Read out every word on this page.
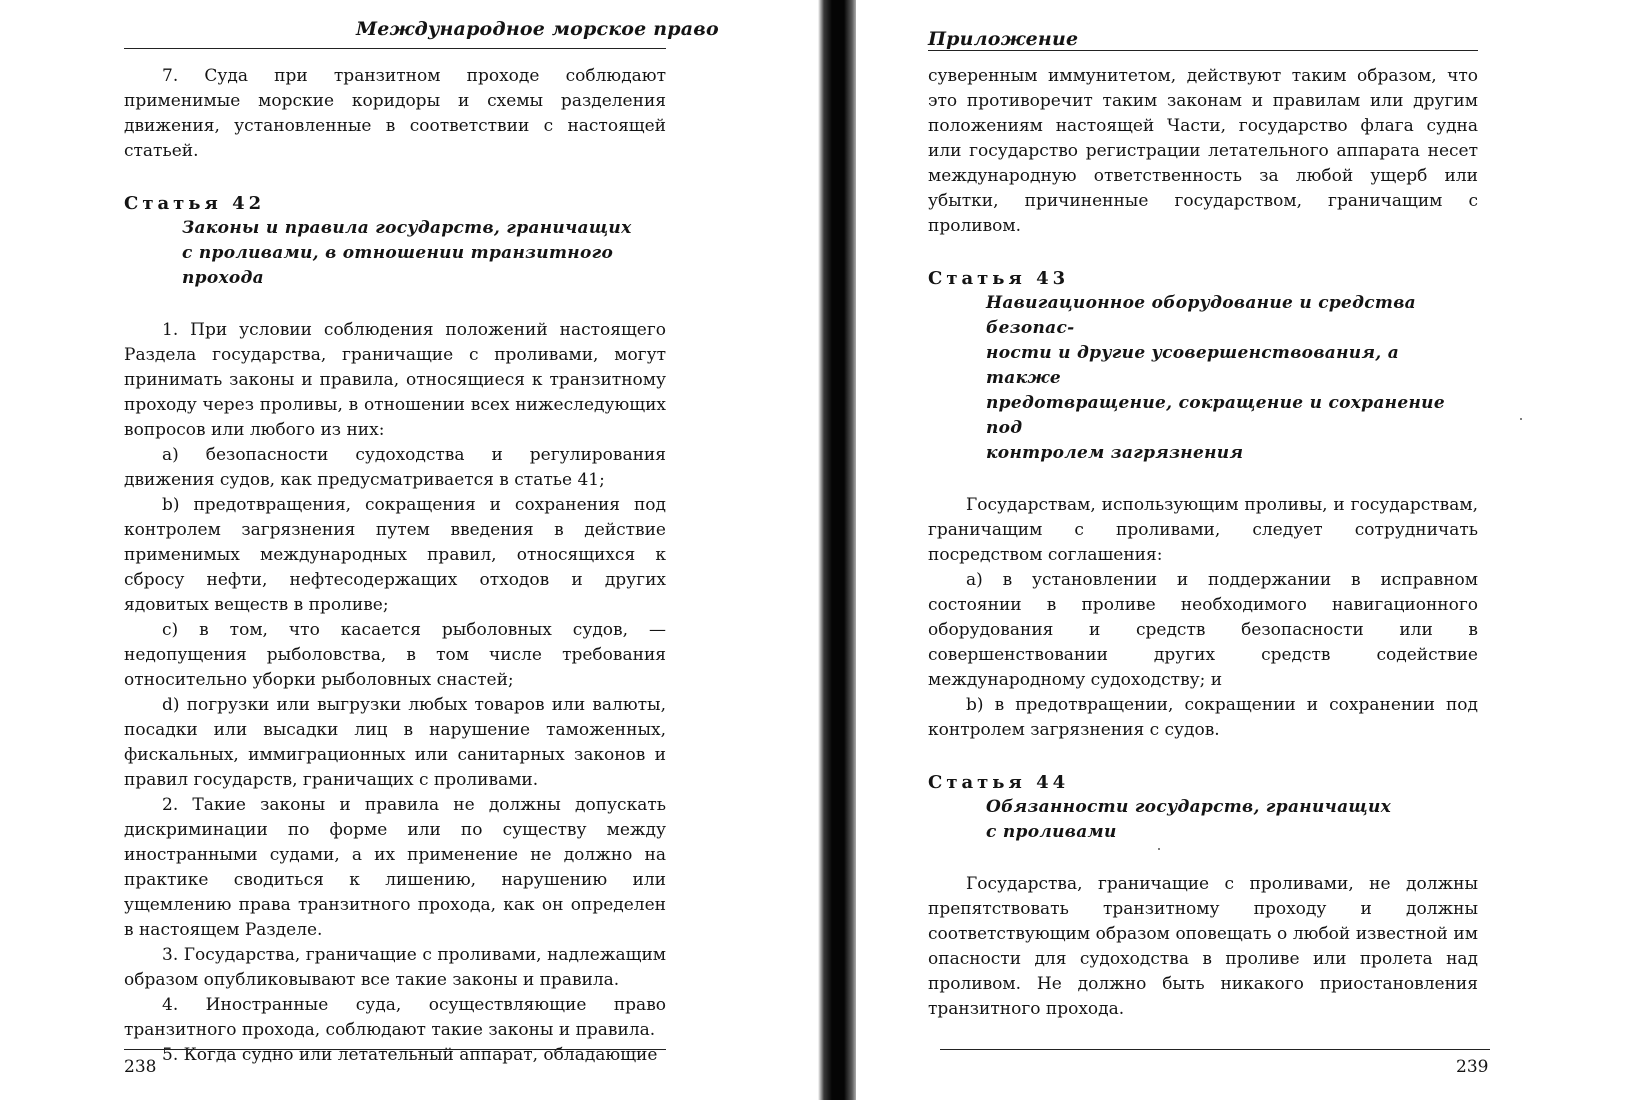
Международное морское право

7. Суда при транзитном проходе соблюдают применимые морские коридоры и схемы разделения движения, установленные в соответствии с настоящей статьей.

Статья 42
Законы и правила государств, граничащих
с проливами, в отношении транзитного прохода

1. При условии соблюдения положений настоящего Раздела государства, граничащие с проливами, могут принимать законы и правила, относящиеся к транзитному проходу через проливы, в отношении всех нижеследующих вопросов или любого из них:

a) безопасности судоходства и регулирования движения судов, как предусматривается в статье 41;

b) предотвращения, сокращения и сохранения под контролем загрязнения путем введения в действие применимых международных правил, относящихся к сбросу нефти, нефтесодержащих отходов и других ядовитых веществ в проливе;

c) в том, что касается рыболовных судов, — недопущения рыболовства, в том числе требования относительно уборки рыболовных снастей;

d) погрузки или выгрузки любых товаров или валюты, посадки или высадки лиц в нарушение таможенных, фискальных, иммиграционных или санитарных законов и правил государств, граничащих с проливами.

2. Такие законы и правила не должны допускать дискриминации по форме или по существу между иностранными судами, а их применение не должно на практике сводиться к лишению, нарушению или ущемлению права транзитного прохода, как он определен в настоящем Разделе.

3. Государства, граничащие с проливами, надлежащим образом опубликовывают все такие законы и правила.

4. Иностранные суда, осуществляющие право транзитного прохода, соблюдают такие законы и правила.

5. Когда судно или летательный аппарат, обладающие

238
Приложение

суверенным иммунитетом, действуют таким образом, что это противоречит таким законам и правилам или другим положениям настоящей Части, государство флага судна или государство регистрации летательного аппарата несет международную ответственность за любой ущерб или убытки, причиненные государством, граничащим с проливом.

Статья 43
Навигационное оборудование и средства безопас-
ности и другие усовершенствования, а также
предотвращение, сокращение и сохранение под
контролем загрязнения

Государствам, использующим проливы, и государствам, граничащим с проливами, следует сотрудничать посредством соглашения:

a) в установлении и поддержании в исправном состоянии в проливе необходимого навигационного оборудования и средств безопасности или в совершенствовании других средств содействие международному судоходству; и

b) в предотвращении, сокращении и сохранении под контролем загрязнения с судов.

Статья 44
Обязанности государств, граничащих
с проливами

Государства, граничащие с проливами, не должны препятствовать транзитному проходу и должны соответствующим образом оповещать о любой известной им опасности для судоходства в проливе или пролета над проливом. Не должно быть никакого приостановления транзитного прохода.

239
